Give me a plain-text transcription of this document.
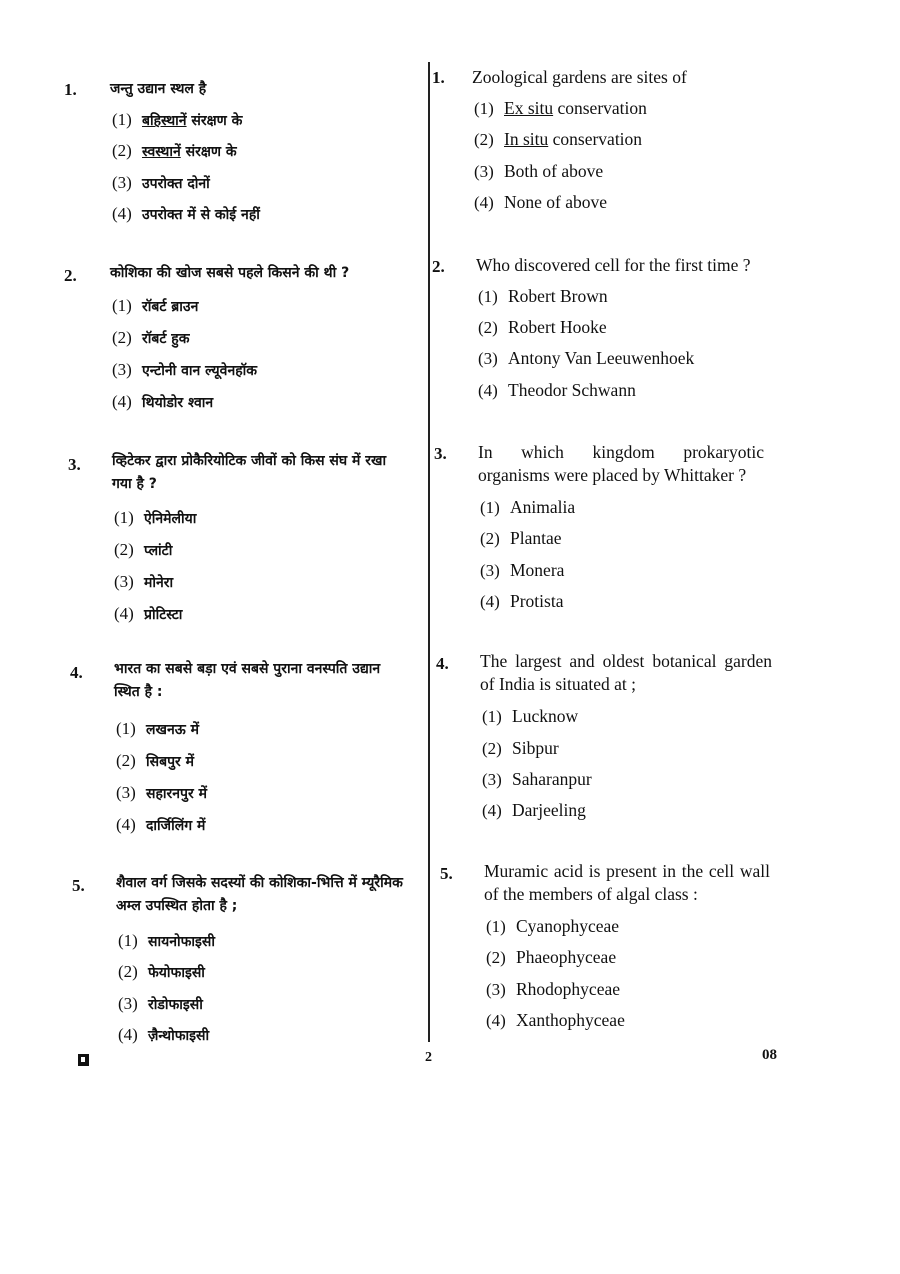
1. जन्तु उद्यान स्थल है
(1) बहिस्थानें संरक्षण के
(2) स्वस्थानें संरक्षण के
(3) उपरोक्त दोनों
(4) उपरोक्त में से कोई नहीं
2. कोशिका की खोज सबसे पहले किसने की थी ?
(1) रॉबर्ट ब्राउन
(2) रॉबर्ट हुक
(3) एन्टोनी वान ल्यूवेनहॉक
(4) थियोडोर श्वान
3. व्हिटेकर द्वारा प्रोकैरियोटिक जीवों को किस संघ में रखा गया है ?
(1) ऐनिमेलीया
(2) प्लांटी
(3) मोनेरा
(4) प्रोटिस्टा
4. भारत का सबसे बड़ा एवं सबसे पुराना वनस्पति उद्यान स्थित है :
(1) लखनऊ में
(2) सिबपुर में
(3) सहारनपुर में
(4) दार्जिलिंग में
5. शैवाल वर्ग जिसके सदस्यों की कोशिका-भित्ति में म्यूरैमिक अम्ल उपस्थित होता है ;
(1) सायनोफाइसी
(2) फेयोफाइसी
(3) रोडोफाइसी
(4) ज़ैन्थोफाइसी
1. Zoological gardens are sites of
(1) Ex situ conservation
(2) In situ conservation
(3) Both of above
(4) None of above
2. Who discovered cell for the first time ?
(1) Robert Brown
(2) Robert Hooke
(3) Antony Van Leeuwenhoek
(4) Theodor Schwann
3. In which kingdom prokaryotic organisms were placed by Whittaker ?
(1) Animalia
(2) Plantae
(3) Monera
(4) Protista
4. The largest and oldest botanical garden of India is situated at ;
(1) Lucknow
(2) Sibpur
(3) Saharanpur
(4) Darjeeling
5. Muramic acid is present in the cell wall of the members of algal class :
(1) Cyanophyceae
(2) Phaeophyceae
(3) Rhodophyceae
(4) Xanthophyceae
2	08
